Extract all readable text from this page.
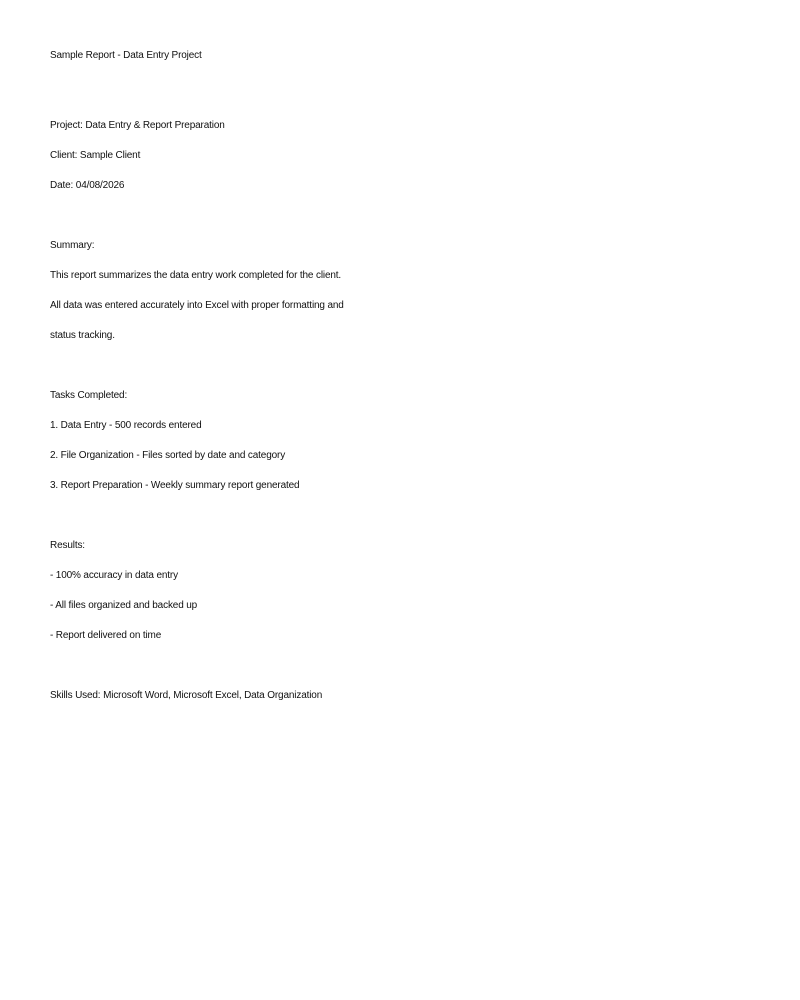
Sample Report - Data Entry Project
Project: Data Entry & Report Preparation
Client: Sample Client
Date: 04/08/2026
Summary:
This report summarizes the data entry work completed for the client.
All data was entered accurately into Excel with proper formatting and
status tracking.
Tasks Completed:
1. Data Entry - 500 records entered
2. File Organization - Files sorted by date and category
3. Report Preparation - Weekly summary report generated
Results:
- 100% accuracy in data entry
- All files organized and backed up
- Report delivered on time
Skills Used: Microsoft Word, Microsoft Excel, Data Organization
